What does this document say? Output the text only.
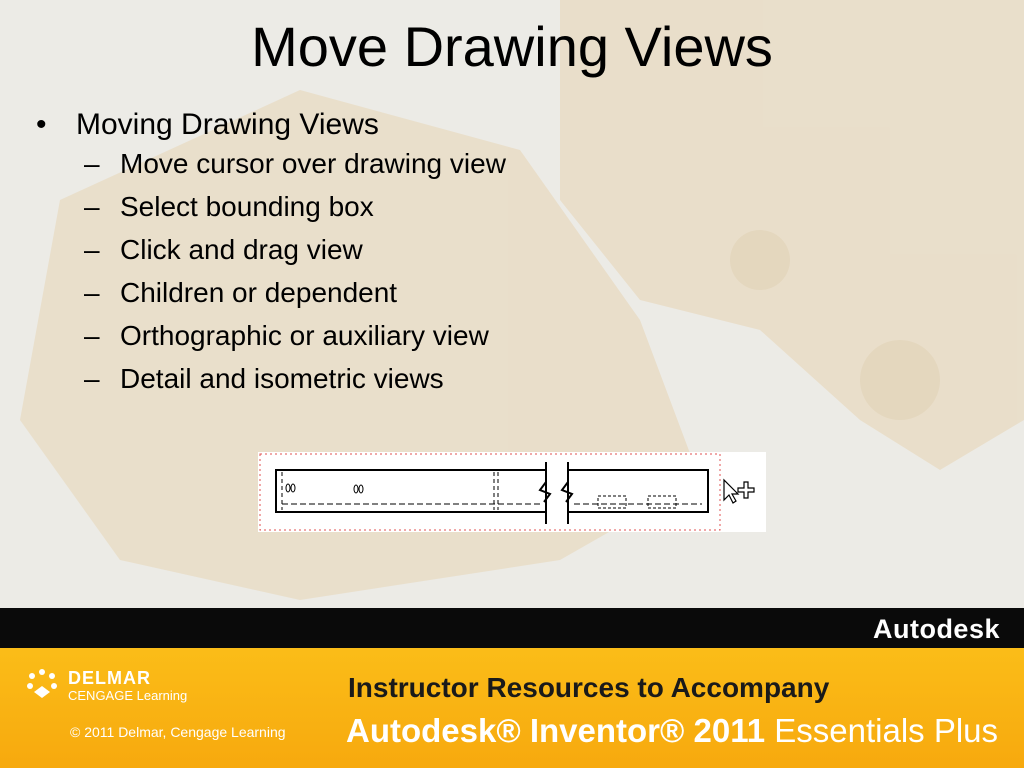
Move Drawing Views
• Moving Drawing Views
– Move cursor over drawing view
– Select bounding box
– Click and drag view
– Children or dependent
– Orthographic or auxiliary view
– Detail and isometric views
Autodesk
DELMAR
CENGAGE Learning
© 2011 Delmar, Cengage Learning
Instructor Resources to Accompany
Autodesk® Inventor® 2011 Essentials Plus
